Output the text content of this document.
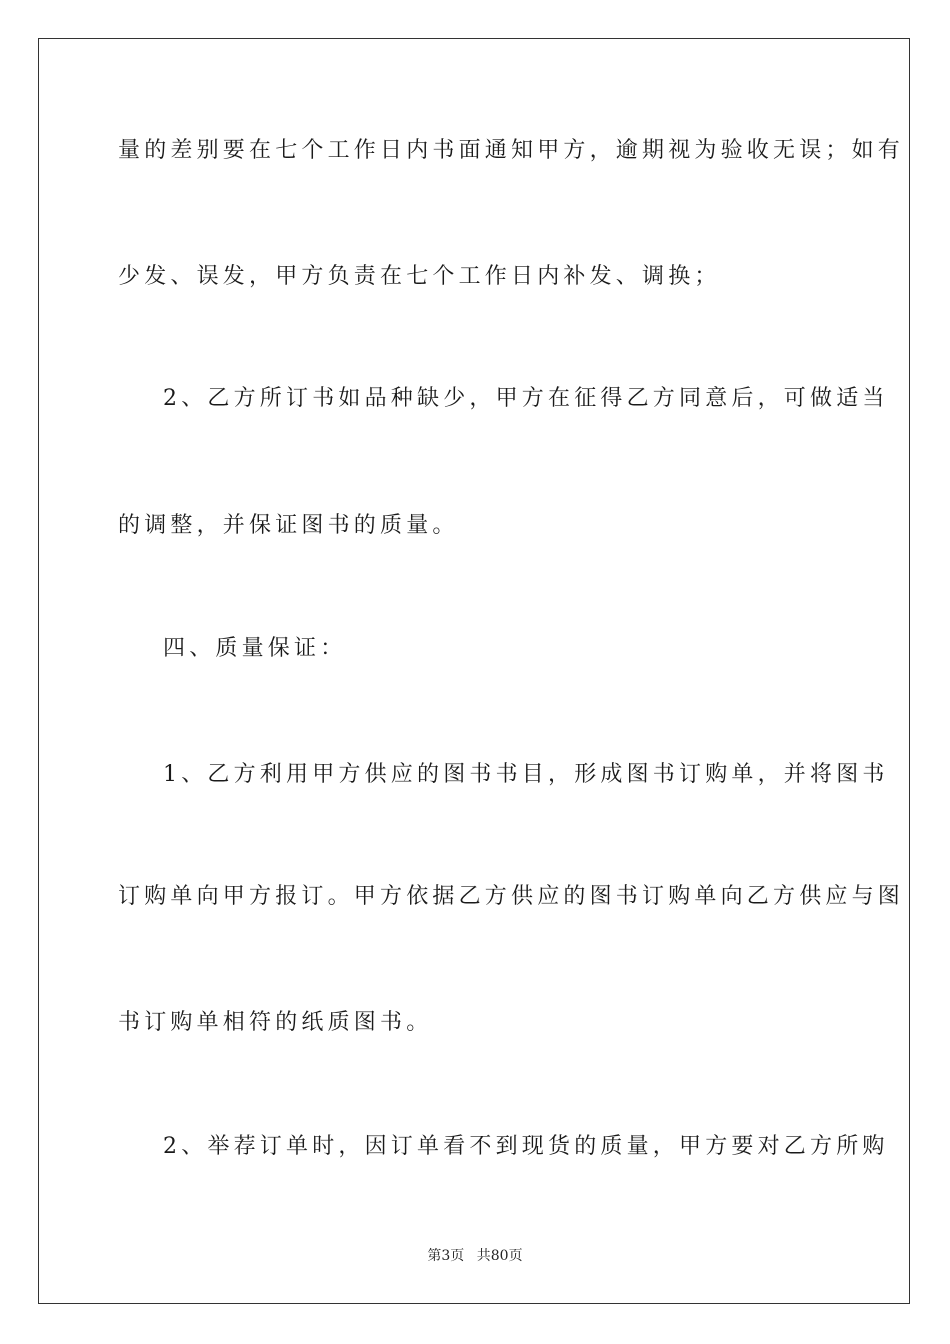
量的差别要在七个工作日内书面通知甲方，逾期视为验收无误；如有
少发、误发，甲方负责在七个工作日内补发、调换；
2、乙方所订书如品种缺少，甲方在征得乙方同意后，可做适当
的调整，并保证图书的质量。
四、质量保证：
1、乙方利用甲方供应的图书书目，形成图书订购单，并将图书
订购单向甲方报订。甲方依据乙方供应的图书订购单向乙方供应与图
书订购单相符的纸质图书。
2、举荐订单时，因订单看不到现货的质量，甲方要对乙方所购
第3页 共80页
